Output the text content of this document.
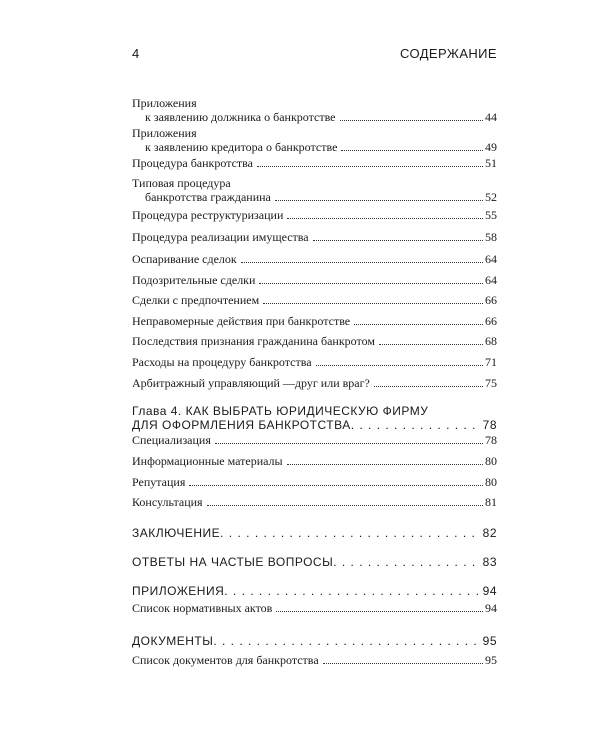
4	СОДЕРЖАНИЕ
Приложения
к заявлению должника о банкротстве	44
Приложения
к заявлению кредитора о банкротстве	49
Процедура банкротства	51
Типовая процедура
банкротства гражданина	52
Процедура реструктуризации	55
Процедура реализации имущества	58
Оспаривание сделок	64
Подозрительные сделки	64
Сделки с предпочтением	66
Неправомерные действия при банкротстве	66
Последствия признания гражданина банкротом	68
Расходы на процедуру банкротства	71
Арбитражный управляющий —друг или враг?	75
Глава 4. КАК ВЫБРАТЬ ЮРИДИЧЕСКУЮ ФИРМУ
ДЛЯ ОФОРМЛЕНИЯ БАНКРОТСТВА . . .	78
Специализация	78
Информационные материалы	80
Репутация	80
Консультация	81
ЗАКЛЮЧЕНИЕ . . .	82
ОТВЕТЫ НА ЧАСТЫЕ ВОПРОСЫ . . .	83
ПРИЛОЖЕНИЯ . . .	94
Список нормативных актов	94
ДОКУМЕНТЫ . . .	95
Список документов для банкротства	95
